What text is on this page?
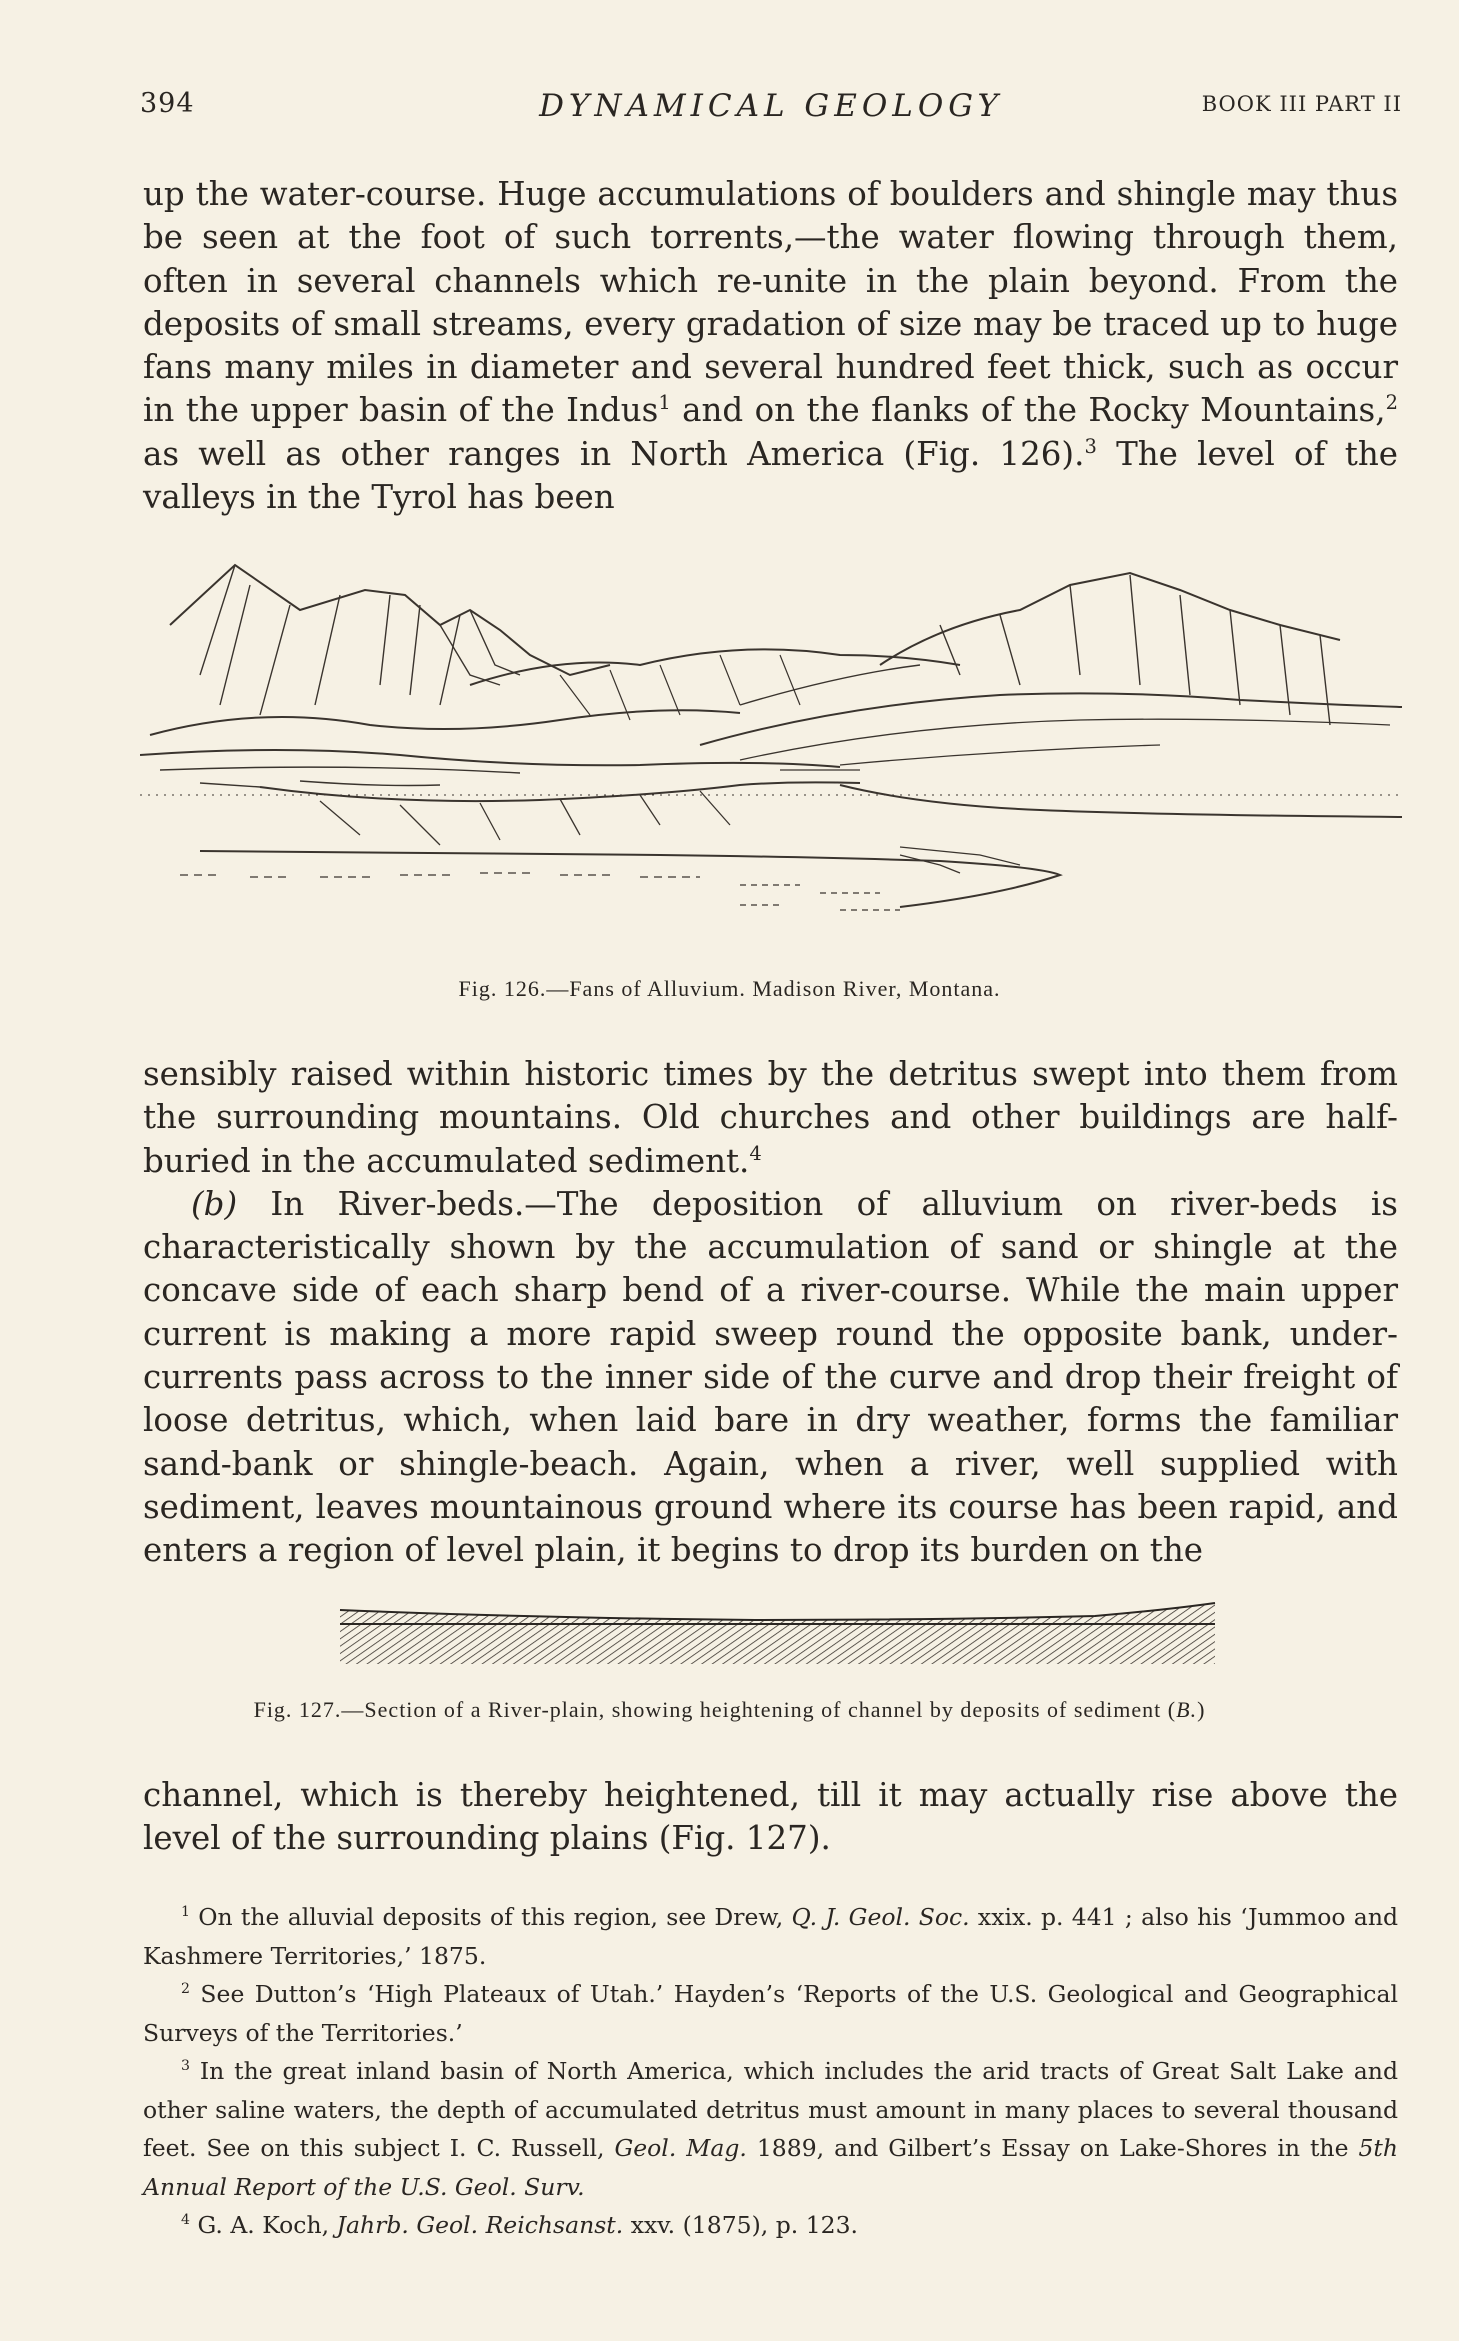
394	DYNAMICAL GEOLOGY	BOOK III PART II

up the water-course. Huge accumulations of boulders and shingle may thus be seen at the foot of such torrents,—the water flowing through them, often in several channels which re-unite in the plain beyond. From the deposits of small streams, every gradation of size may be traced up to huge fans many miles in diameter and several hundred feet thick, such as occur in the upper basin of the Indus$^1$ and on the flanks of the Rocky Mountains,$^2$ as well as other ranges in North America (Fig. 126).$^3$ The level of the valleys in the Tyrol has been

Fig. 126.—Fans of Alluvium. Madison River, Montana.

sensibly raised within historic times by the detritus swept into them from the surrounding mountains. Old churches and other buildings are half-buried in the accumulated sediment.$^4$

(b) In River-beds.—The deposition of alluvium on river-beds is characteristically shown by the accumulation of sand or shingle at the concave side of each sharp bend of a river-course. While the main upper current is making a more rapid sweep round the opposite bank, under-currents pass across to the inner side of the curve and drop their freight of loose detritus, which, when laid bare in dry weather, forms the familiar sand-bank or shingle-beach. Again, when a river, well supplied with sediment, leaves mountainous ground where its course has been rapid, and enters a region of level plain, it begins to drop its burden on the

Fig. 127.—Section of a River-plain, showing heightening of channel by deposits of sediment (B.)

channel, which is thereby heightened, till it may actually rise above the level of the surrounding plains (Fig. 127).

$^1$ On the alluvial deposits of this region, see Drew, Q. J. Geol. Soc. xxix. p. 441 ; also his ‘Jummoo and Kashmere Territories,’ 1875.

$^2$ See Dutton’s ‘High Plateaux of Utah.’ Hayden’s ‘Reports of the U.S. Geological and Geographical Surveys of the Territories.’

$^3$ In the great inland basin of North America, which includes the arid tracts of Great Salt Lake and other saline waters, the depth of accumulated detritus must amount in many places to several thousand feet. See on this subject I. C. Russell, Geol. Mag. 1889, and Gilbert’s Essay on Lake-Shores in the 5th Annual Report of the U.S. Geol. Surv.

$^4$ G. A. Koch, Jahrb. Geol. Reichsanst. xxv. (1875), p. 123.
